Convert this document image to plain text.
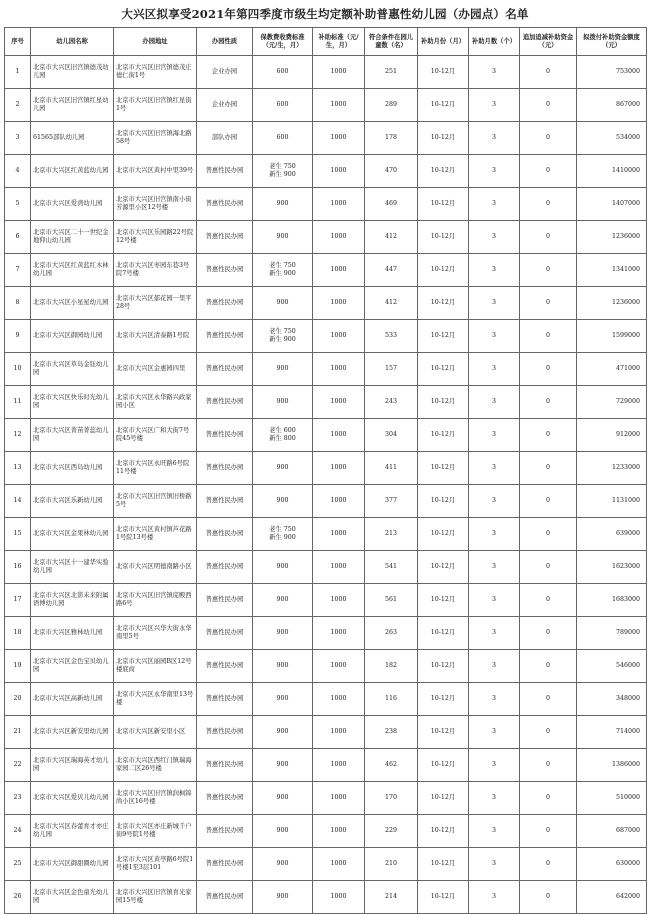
大兴区拟享受2021年第四季度市级生均定额补助普惠性幼儿园（办园点）名单
序号	幼儿园名称	办园地址	办园性质	保教费收费标准（元/生，月）	补助标准（元/生，月）	符合条件在园儿童数（名）	补助月份（月）	补助月数（个）	追加追减补助资金（元）	拟拨付补助资金额度（元）
1	北京市大兴区旧宫镇德茂幼儿园	北京市大兴区旧宫镇德茂庄德仁街1号	企业办园	600	1000	251	10-12月	3	0	753000
2	北京市大兴区旧宫镇红星幼儿园	北京市大兴区旧宫镇红星街1号	企业办园	600	1000	289	10-12月	3	0	867000
3	61565部队幼儿园	北京市大兴区旧宫镇海北路58号	部队办园	600	1000	178	10-12月	3	0	534000
4	北京市大兴区红黄蓝幼儿园	北京市大兴区黄村中里39号	普惠性民办园	老生 750
新生 900	1000	470	10-12月	3	0	1410000
5	北京市大兴区爱湾幼儿园	北京市大兴区旧宫镇南小街芳源里小区12号楼	普惠性民办园	900	1000	469	10-12月	3	0	1407000
6	北京市大兴区二十一世纪金地仰山幼儿园	北京市大兴区乐园路22号院12号楼	普惠性民办园	900	1000	412	10-12月	3	0	1236000
7	北京市大兴区红黄蓝红木林幼儿园	北京市大兴区枣园东巷3号院7号楼	普惠性民办园	老生 750
新生 900	1000	447	10-12月	3	0	1341000
8	北京市大兴区小星星幼儿园	北京市大兴区郁花园一里平28号	普惠性民办园	900	1000	412	10-12月	3	0	1236000
9	北京市大兴区御园幼儿园	北京市大兴区清泰路1号院	普惠性民办园	老生 750
新生 900	1000	533	10-12月	3	0	1599000
10	北京市大兴区草岛金钰幼儿园	北京市大兴区金惠园四里	普惠性民办园	900	1000	157	10-12月	3	0	471000
11	北京市大兴区快乐时光幼儿园	北京市大兴区永华路兴政家园小区	普惠性民办园	900	1000	243	10-12月	3	0	729000
12	北京市大兴区菁苗菁蕊幼儿园	北京市大兴区广和大街7号院45号楼	普惠性民办园	老生 600
新生 800	1000	304	10-12月	3	0	912000
13	北京市大兴区西岛幼儿园	北京市大兴区永旺路6号院11号楼	普惠性民办园	900	1000	411	10-12月	3	0	1233000
14	北京市大兴区乐新幼儿园	北京市大兴区旧宫镇旧桥路5号	普惠性民办园	900	1000	377	10-12月	3	0	1131000
15	北京市大兴区金果林幼儿园	北京市大兴区黄村镇芦花路1号院13号楼	普惠性民办园	老生 750
新生 900	1000	213	10-12月	3	0	639000
16	北京市大兴区十一建华实验幼儿园	北京市大兴区明德南路小区	普惠性民办园	900	1000	541	10-12月	3	0	1623000
17	北京市大兴区北影未来附属语博幼儿园	北京市大兴区旧宫镇庑殿西路6号	普惠性民办园	900	1000	561	10-12月	3	0	1683000
18	北京市大兴区雅林幼儿园	北京市大兴区兴华大街永华南里5号	普惠性民办园	900	1000	263	10-12月	3	0	789000
19	北京市大兴区金色宝贝幼儿园	北京市大兴区丽园B区12号楼底商	普惠性民办园	900	1000	182	10-12月	3	0	546000
20	北京市大兴区高新幼儿园	北京市大兴区永华南里13号楼	普惠性民办园	900	1000	116	10-12月	3	0	348000
21	北京市大兴区新安里幼儿园	北京市大兴区新安里小区	普惠性民办园	900	1000	238	10-12月	3	0	714000
22	北京市大兴区瑞海英才幼儿园	北京市大兴区西红门镇瑞海家园二区26号楼	普惠性民办园	900	1000	462	10-12月	3	0	1386000
23	北京市大兴区爱贝儿幼儿园	北京市大兴区旧宫镇润枫锦尚小区16号楼	普惠性民办园	900	1000	170	10-12月	3	0	510000
24	北京市大兴区春蕾育才亦庄幼儿园	北京市大兴区亦庄新城千户街9号院1号楼	普惠性民办园	900	1000	229	10-12月	3	0	687000
25	北京市大兴区御甜圈幼儿园	北京市大兴区黄亭路6号院1号楼1至3层101	普惠性民办园	900	1000	210	10-12月	3	0	630000
26	北京市大兴区金色童光幼儿园	北京市大兴区旧宫镇育光家园15号楼	普惠性民办园	900	1000	214	10-12月	3	0	642000
